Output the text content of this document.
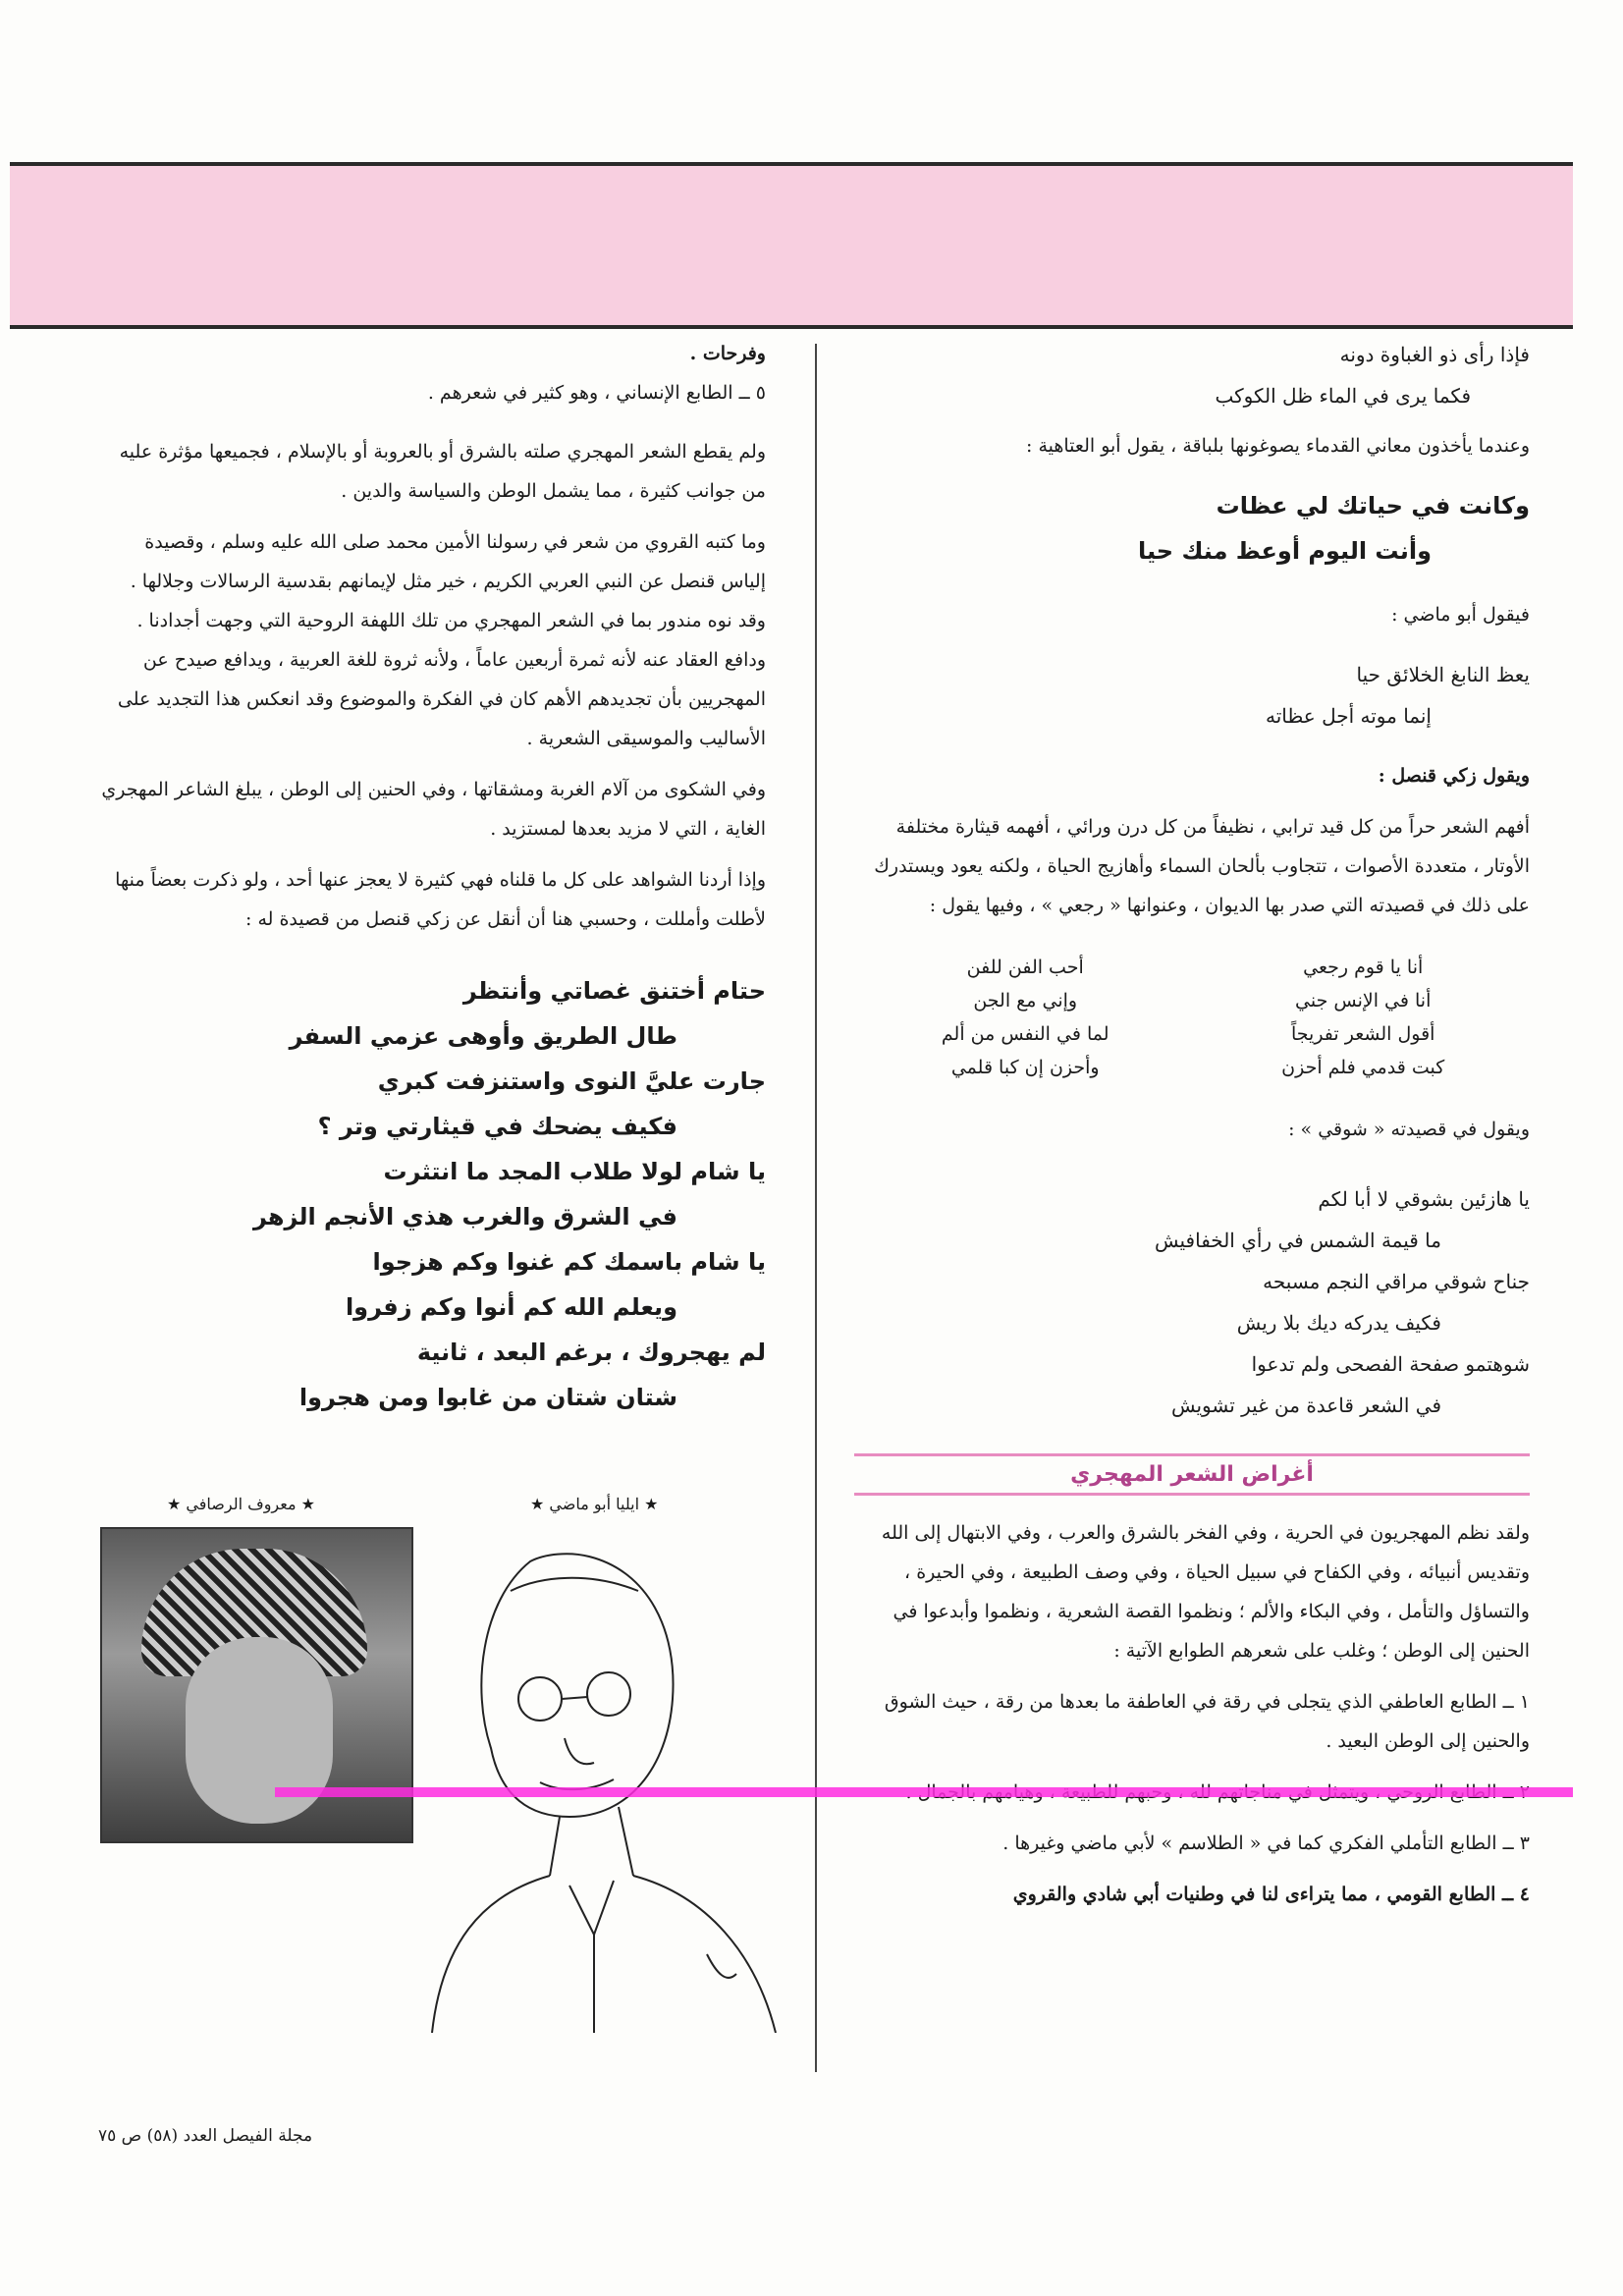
فإذا رأى ذو الغباوة دونه
فكما يرى في الماء ظل الكوكب

وعندما يأخذون معاني القدماء يصوغونها بلباقة ، يقول أبو العتاهية :

وكانت في حياتك لي عظات
وأنت اليوم أوعظ منك حيا

فيقول أبو ماضي :

يعظ النابغ الخلائق حيا
إنما موته أجل عظاته

ويقول زكي قنصل :

أفهم الشعر حراً من كل قيد ترابي ، نظيفاً من كل درن ورائي ، أفهمه قيثارة مختلفة الأوتار ، متعددة الأصوات ، تتجاوب بألحان السماء وأهازيج الحياة ، ولكنه يعود ويستدرك على ذلك في قصيدته التي صدر بها الديوان ، وعنوانها « رجعي » ، وفيها يقول :

أنا يا قوم رجعي	أحب الفن للفن
أنا في الإنس جني	وإني مع الجن
أقول الشعر تفريجاً	لما في النفس من ألم
كبت قدمي فلم أحزن	وأحزن إن كبا قلمي

ويقول في قصيدته « شوقي » :

يا هازئين بشوقي لا أبا لكم
ما قيمة الشمس في رأي الخفافيش
جناح شوقي مراقي النجم مسبحه
فكيف يدركه ديك بلا ريش
شوهتمو صفحة الفصحى ولم تدعوا
في الشعر قاعدة من غير تشويش
أغراض الشعر المهجري

ولقد نظم المهجريون في الحرية ، وفي الفخر بالشرق والعرب ، وفي الابتهال إلى الله وتقديس أنبيائه ، وفي الكفاح في سبيل الحياة ، وفي وصف الطبيعة ، وفي الحيرة ، والتساؤل والتأمل ، وفي البكاء والألم ؛ ونظموا القصة الشعرية ، ونظموا وأبدعوا في الحنين إلى الوطن ؛ وغلب على شعرهم الطوابع الآتية :

١ ــ الطابع العاطفي الذي يتجلى في رقة في العاطفة ما بعدها من رقة ، حيث الشوق والحنين إلى الوطن البعيد .

٣ ــ الطابع التأملي الفكري كما في « الطلاسم » لأبي ماضي وغيرها .

٤ ــ الطابع القومي ، مما يتراءى لنا في وطنيات أبي شادي والقروي

وفرحات .

٥ ــ الطابع الإنساني ، وهو كثير في شعرهم .

ولم يقطع الشعر المهجري صلته بالشرق أو بالعروبة أو بالإسلام ، فجميعها مؤثرة عليه من جوانب كثيرة ، مما يشمل الوطن والسياسة والدين .

وما كتبه القروي من شعر في رسولنا الأمين محمد صلى الله عليه وسلم ، وقصيدة إلياس قنصل عن النبي العربي الكريم ، خير مثل لإيمانهم بقدسية الرسالات وجلالها . وقد نوه مندور بما في الشعر المهجري من تلك اللهفة الروحية التي وجهت أجدادنا . ودافع العقاد عنه لأنه ثمرة أربعين عاماً ، ولأنه ثروة للغة العربية ، ويدافع صيدح عن المهجريين بأن تجديدهم الأهم كان في الفكرة والموضوع وقد انعكس هذا التجديد على الأساليب والموسيقى الشعرية .

وفي الشكوى من آلام الغربة ومشقاتها ، وفي الحنين إلى الوطن ، يبلغ الشاعر المهجري الغاية ، التي لا مزيد بعدها لمستزيد .

وإذا أردنا الشواهد على كل ما قلناه فهي كثيرة لا يعجز عنها أحد ، ولو ذكرت بعضاً منها لأطلت وأمللت ، وحسبي هنا أن أنقل عن زكي قنصل من قصيدة له :

حتام أختنق غصاتي وأنتظر
طال الطريق وأوهى عزمي السفر
جارت عليَّ النوى واستنزفت كبري
فكيف يضحك في قيثارتي وتر ؟
يا شام لولا طلاب المجد ما انتثرت
في الشرق والغرب هذي الأنجم الزهر
يا شام باسمك كم غنوا وكم هزجوا
ويعلم الله كم أنوا وكم زفروا
لم يهجروك ، برغم البعد ، ثانية
شتان شتان من غابوا ومن هجروا
★ معروف الرصافي ★	★ ايليا أبو ماضي ★
مجلة الفيصل العدد (٥٨) ص ٧٥
